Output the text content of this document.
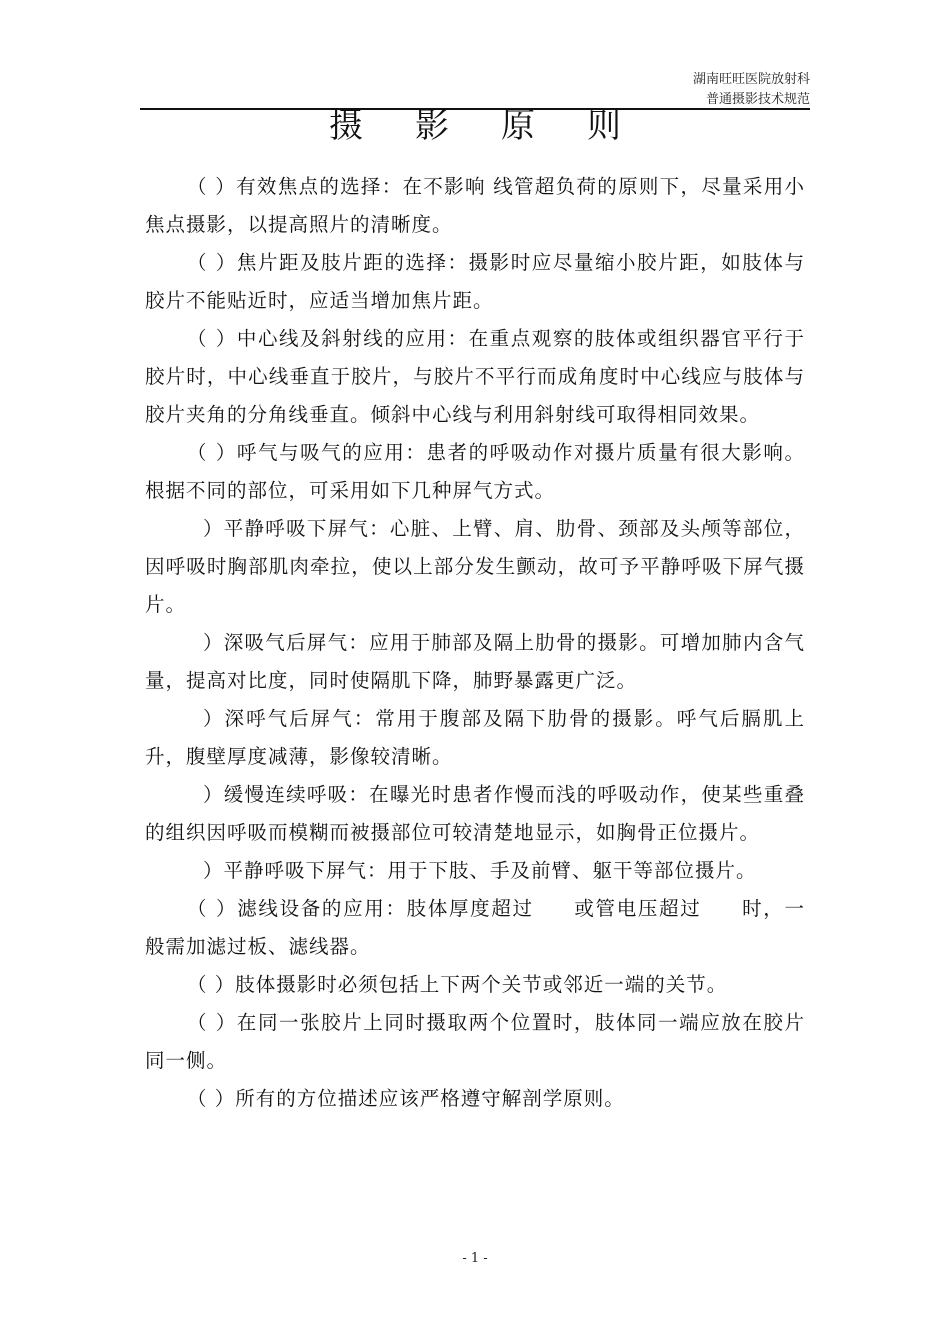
湖南旺旺医院放射科
普通摄影技术规范
摄影原则

（ ）有效焦点的选择：在不影响 线管超负荷的原则下，尽量采用小焦点摄影，以提高照片的清晰度。

（ ）焦片距及肢片距的选择：摄影时应尽量缩小胶片距，如肢体与胶片不能贴近时，应适当增加焦片距。

（ ）中心线及斜射线的应用：在重点观察的肢体或组织器官平行于胶片时，中心线垂直于胶片，与胶片不平行而成角度时中心线应与肢体与胶片夹角的分角线垂直。倾斜中心线与利用斜射线可取得相同效果。

（ ）呼气与吸气的应用：患者的呼吸动作对摄片质量有很大影响。根据不同的部位，可采用如下几种屏气方式。

）平静呼吸下屏气：心脏、上臂、肩、肋骨、颈部及头颅等部位，因呼吸时胸部肌肉牵拉，使以上部分发生颤动，故可予平静呼吸下屏气摄片。

）深吸气后屏气：应用于肺部及隔上肋骨的摄影。可增加肺内含气量，提高对比度，同时使隔肌下降，肺野暴露更广泛。

）深呼气后屏气：常用于腹部及隔下肋骨的摄影。呼气后膈肌上升，腹壁厚度减薄，影像较清晰。

）缓慢连续呼吸：在曝光时患者作慢而浅的呼吸动作，使某些重叠的组织因呼吸而模糊而被摄部位可较清楚地显示，如胸骨正位摄片。

）平静呼吸下屏气：用于下肢、手及前臂、躯干等部位摄片。

（ ）滤线设备的应用：肢体厚度超过 或管电压超过 时，一般需加滤过板、滤线器。

（ ）肢体摄影时必须包括上下两个关节或邻近一端的关节。

（ ）在同一张胶片上同时摄取两个位置时，肢体同一端应放在胶片同一侧。

（ ）所有的方位描述应该严格遵守解剖学原则。

- 1 -
